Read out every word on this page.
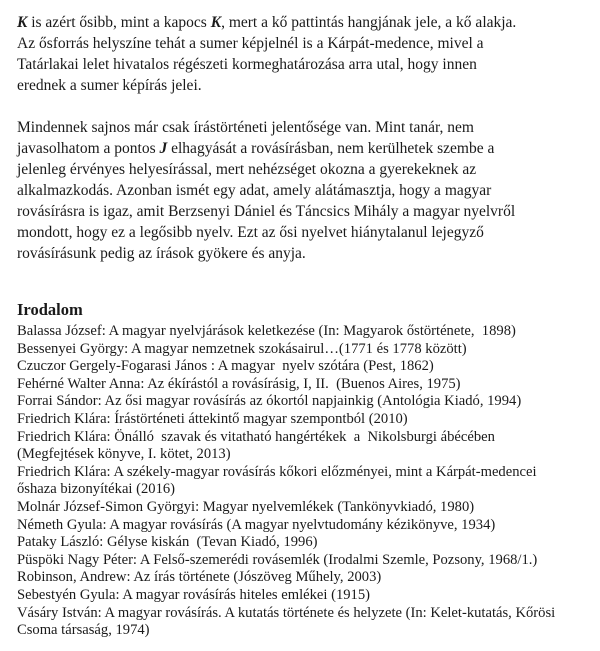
K is azért ősibb, mint a kapocs K, mert a kő pattintás hangjának jele, a kő alakja.
Az ősforrás helyszíne tehát a sumer képjelnél is a Kárpát-medence, mivel a
Tatárlakai lelet hivatalos régészeti kormeghatározása arra utal, hogy innen
erednek a sumer képírás jelei.
Mindennek sajnos már csak írástörténeti jelentősége van. Mint tanár, nem
javasolhatom a pontos J elhagyását a rovásírásban, nem kerülhetek szembe a
jelenleg érvényes helyesírással, mert nehézséget okozna a gyerekeknek az
alkalmazkodás. Azonban ismét egy adat, amely alátámasztja, hogy a magyar
rovásírásra is igaz, amit Berzsenyi Dániel és Táncsics Mihály a magyar nyelvről
mondott, hogy ez a legősibb nyelv. Ezt az ősi nyelvet hiánytalanul lejegyző
rovásírásunk pedig az írások gyökere és anyja.
Irodalom
Balassa József: A magyar nyelvjárások keletkezése (In: Magyarok őstörténete,  1898)
Bessenyei György: A magyar nemzetnek szokásairul…(1771 és 1778 között)
Czuczor Gergely-Fogarasi János : A magyar  nyelv szótára (Pest, 1862)
Fehérné Walter Anna: Az ékírástól a rovásírásig, I, II.  (Buenos Aires, 1975)
Forrai Sándor: Az ősi magyar rovásírás az ókortól napjainkig (Antológia Kiadó, 1994)
Friedrich Klára: Írástörténeti áttekintő magyar szempontból (2010)
Friedrich Klára: Önálló  szavak és vitatható hangértékek  a  Nikolsburgi ábécében
(Megfejtések könyve, I. kötet, 2013)
Friedrich Klára: A székely-magyar rovásírás kőkori előzményei, mint a Kárpát-medencei
őshaza bizonyítékai (2016)
Molnár József-Simon Györgyi: Magyar nyelvemlékek (Tankönyvkiadó, 1980)
Németh Gyula: A magyar rovásírás (A magyar nyelvtudomány kézikönyve, 1934)
Pataky László: Gélyse kiskán  (Tevan Kiadó, 1996)
Püspöki Nagy Péter: A Felső-szemerédi rovásemlék (Irodalmi Szemle, Pozsony, 1968/1.)
Robinson, Andrew: Az írás története (Jószöveg Műhely, 2003)
Sebestyén Gyula: A magyar rovásírás hiteles emlékei (1915)
Vásáry István: A magyar rovásírás. A kutatás története és helyzete (In: Kelet-kutatás, Kőrösi
Csoma társaság, 1974)
